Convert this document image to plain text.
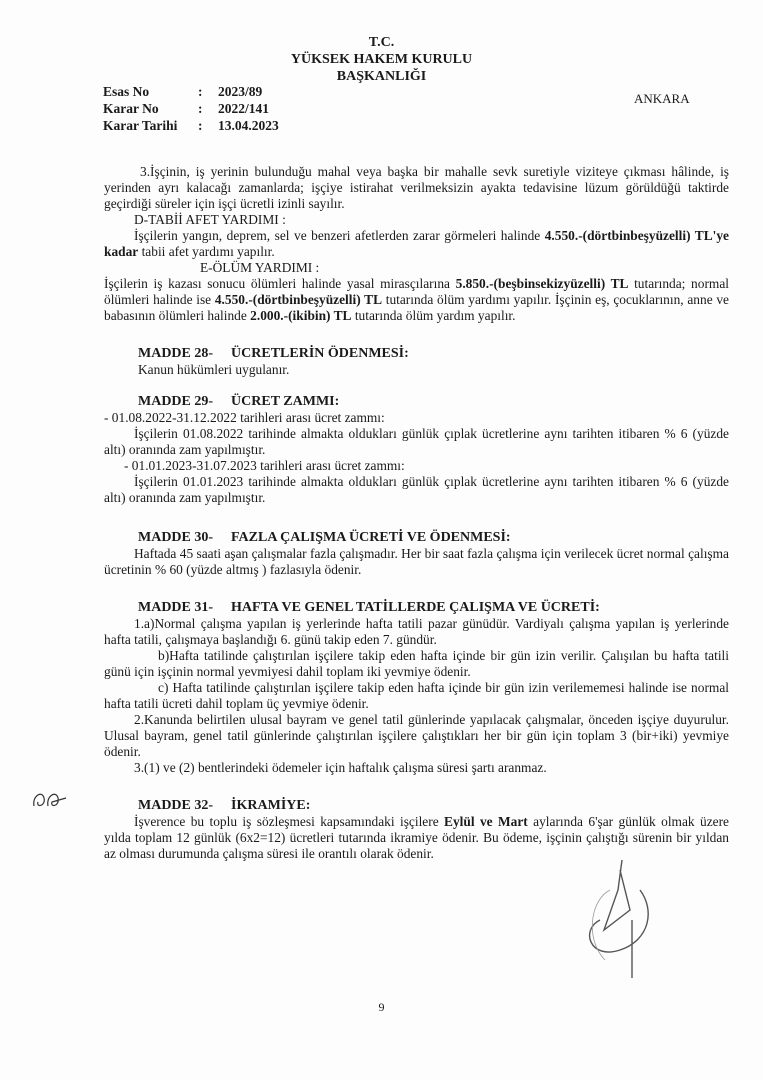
T.C.
YÜKSEK HAKEM KURULU
BAŞKANLIĞI
Esas No	:	2023/89
Karar No	:	2022/141
Karar Tarihi	:	13.04.2023
ANKARA

3.İşçinin, iş yerinin bulunduğu mahal veya başka bir mahalle sevk suretiyle viziteye çıkması hâlinde, iş yerinden ayrı kalacağı zamanlarda; işçiye istirahat verilmeksizin ayakta tedavisine lüzum görüldüğü taktirde geçirdiği süreler için işçi ücretli izinli sayılır.

D-TABİİ AFET YARDIMI :

İşçilerin yangın, deprem, sel ve benzeri afetlerden zarar görmeleri halinde 4.550.-(dörtbinbeşyüzelli) TL'ye kadar tabii afet yardımı yapılır.

E-ÖLÜM YARDIMI :

İşçilerin iş kazası sonucu ölümleri halinde yasal mirasçılarına 5.850.-(beşbinsekizyüzelli) TL tutarında; normal ölümleri halinde ise 4.550.-(dörtbinbeşyüzelli) TL tutarında ölüm yardımı yapılır. İşçinin eş, çocuklarının, anne ve babasının ölümleri halinde 2.000.-(ikibin) TL tutarında ölüm yardım yapılır.

MADDE 28- ÜCRETLERİN ÖDENMESİ:

Kanun hükümleri uygulanır.

MADDE 29- ÜCRET ZAMMI:

- 01.08.2022-31.12.2022 tarihleri arası ücret zammı:

İşçilerin 01.08.2022 tarihinde almakta oldukları günlük çıplak ücretlerine aynı tarihten itibaren % 6 (yüzde altı) oranında zam yapılmıştır.

- 01.01.2023-31.07.2023 tarihleri arası ücret zammı:

İşçilerin 01.01.2023 tarihinde almakta oldukları günlük çıplak ücretlerine aynı tarihten itibaren % 6 (yüzde altı) oranında zam yapılmıştır.

MADDE 30- FAZLA ÇALIŞMA ÜCRETİ VE ÖDENMESİ:

Haftada 45 saati aşan çalışmalar fazla çalışmadır. Her bir saat fazla çalışma için verilecek ücret normal çalışma ücretinin % 60 (yüzde altmış ) fazlasıyla ödenir.

MADDE 31- HAFTA VE GENEL TATİLLERDE ÇALIŞMA VE ÜCRETİ:

1.a)Normal çalışma yapılan iş yerlerinde hafta tatili pazar günüdür. Vardiyalı çalışma yapılan iş yerlerinde hafta tatili, çalışmaya başlandığı 6. günü takip eden 7. gündür.

b)Hafta tatilinde çalıştırılan işçilere takip eden hafta içinde bir gün izin verilir. Çalışılan bu hafta tatili günü için işçinin normal yevmiyesi dahil toplam iki yevmiye ödenir.

c) Hafta tatilinde çalıştırılan işçilere takip eden hafta içinde bir gün izin verilememesi halinde ise normal hafta tatili ücreti dahil toplam üç yevmiye ödenir.

2.Kanunda belirtilen ulusal bayram ve genel tatil günlerinde yapılacak çalışmalar, önceden işçiye duyurulur. Ulusal bayram, genel tatil günlerinde çalıştırılan işçilere çalıştıkları her bir gün için toplam 3 (bir+iki) yevmiye ödenir.

3.(1) ve (2) bentlerindeki ödemeler için haftalık çalışma süresi şartı aranmaz.

MADDE 32- İKRAMİYE:

İşverence bu toplu iş sözleşmesi kapsamındaki işçilere Eylül ve Mart aylarında 6'şar günlük olmak üzere yılda toplam 12 günlük (6x2=12) ücretleri tutarında ikramiye ödenir. Bu ödeme, işçinin çalıştığı sürenin bir yıldan az olması durumunda çalışma süresi ile orantılı olarak ödenir.

9
